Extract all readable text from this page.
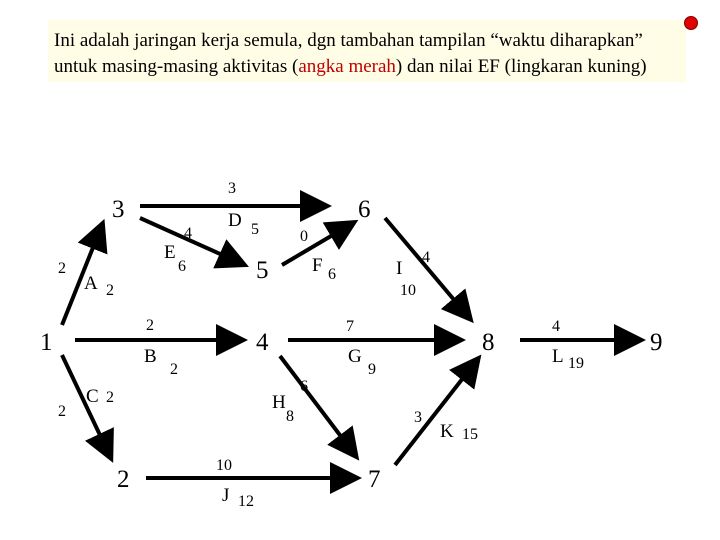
Ini adalah jaringan kerja semula, dgn tambahan tampilan “waktu diharapkan”
untuk masing-masing aktivitas (angka merah) dan nilai EF (lingkaran kuning)
1
3
2
5
4
6
7
8	9
A
2
2
B
2
2
C
2
2
D
3
5
E
4
6	F
0
6
G
7
9
H
6
8
I
4
10
J
10
12
K
3
15
L
4
19
